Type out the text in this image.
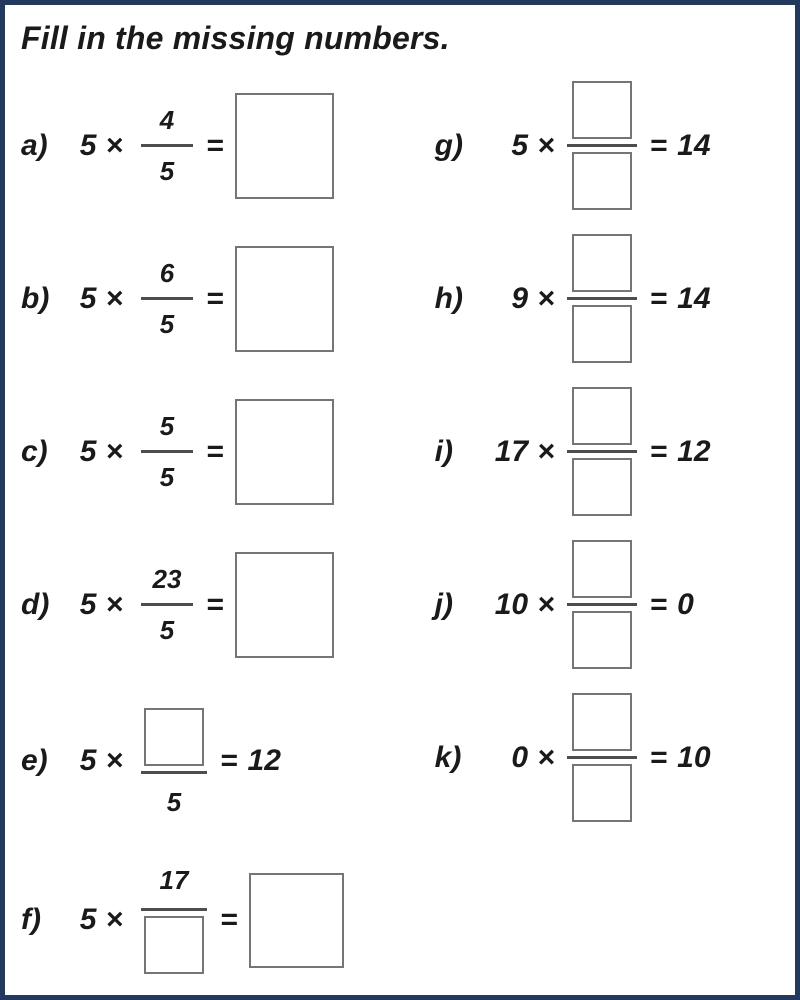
Fill in the missing numbers.
a)	$5 \times \frac{4}{5}$ =
b)	$5 \times \frac{6}{5}$ =
c)	$5 \times \frac{5}{5}$ =
d)	$5 \times \frac{23}{5}$ =
e)	5 ×
5
= 12
f)	5 ×
17
=
g)	5 ×	= 14
h)	9 ×	= 14
i)	17 ×	= 12
j)	10 ×	= 0
k)	0 ×	= 10
